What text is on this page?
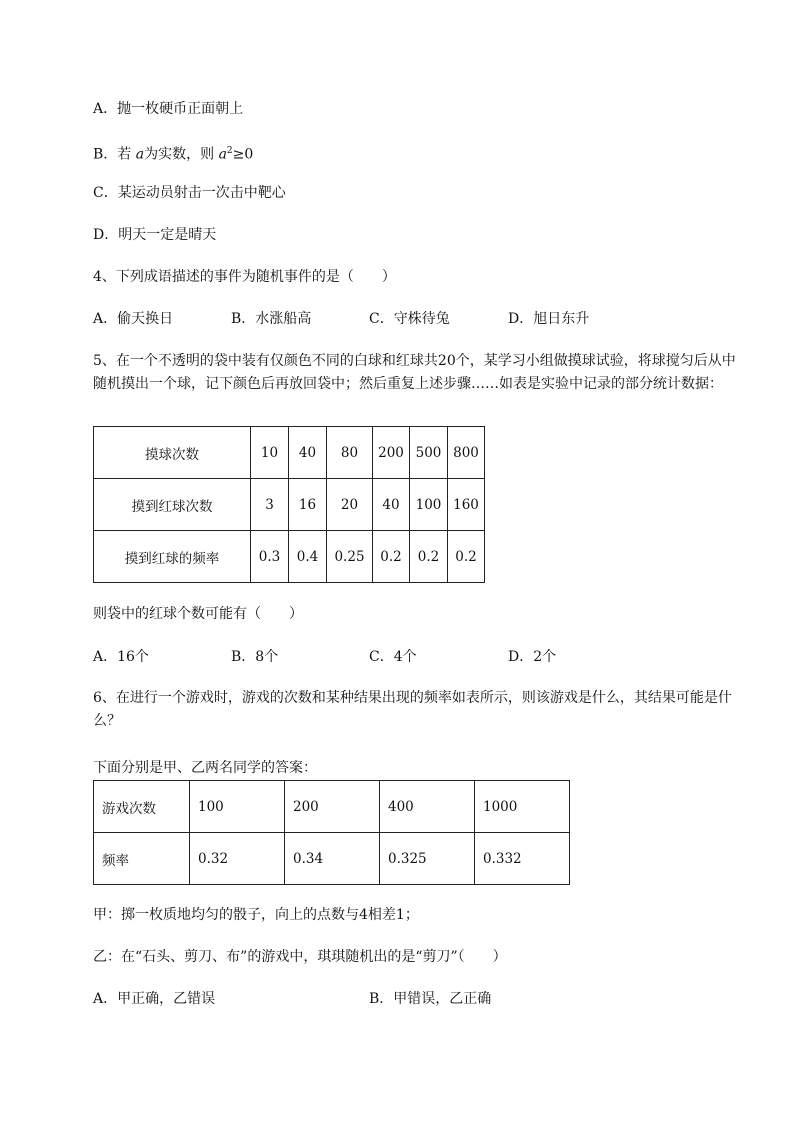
A．抛一枚硬币正面朝上
B．若 a为实数，则 $a^2\ge 0$
C．某运动员射击一次击中靶心
D．明天一定是晴天
4、下列成语描述的事件为随机事件的是（　　）
A．偷天换日	B．水涨船高	C．守株待兔	D．旭日东升
5、在一个不透明的袋中装有仅颜色不同的白球和红球共20个，某学习小组做摸球试验，将球搅匀后从中随机摸出一个球，记下颜色后再放回袋中；然后重复上述步骤……如表是实验中记录的部分统计数据：
摸球次数	10	40	80	200	500	800
摸到红球次数	3	16	20	40	100	160
摸到红球的频率	0.3	0.4	0.25	0.2	0.2	0.2
则袋中的红球个数可能有（　　）
A．16个	B．8个	C．4个	D．2个
6、在进行一个游戏时，游戏的次数和某种结果出现的频率如表所示，则该游戏是什么，其结果可能是什么？
下面分别是甲、乙两名同学的答案：
游戏次数	100	200	400	1000
频率	0.32	0.34	0.325	0.332
甲：掷一枚质地均匀的骰子，向上的点数与4相差1；
乙：在“石头、剪刀、布”的游戏中，琪琪随机出的是“剪刀”（　　）
A．甲正确，乙错误	B．甲错误，乙正确
